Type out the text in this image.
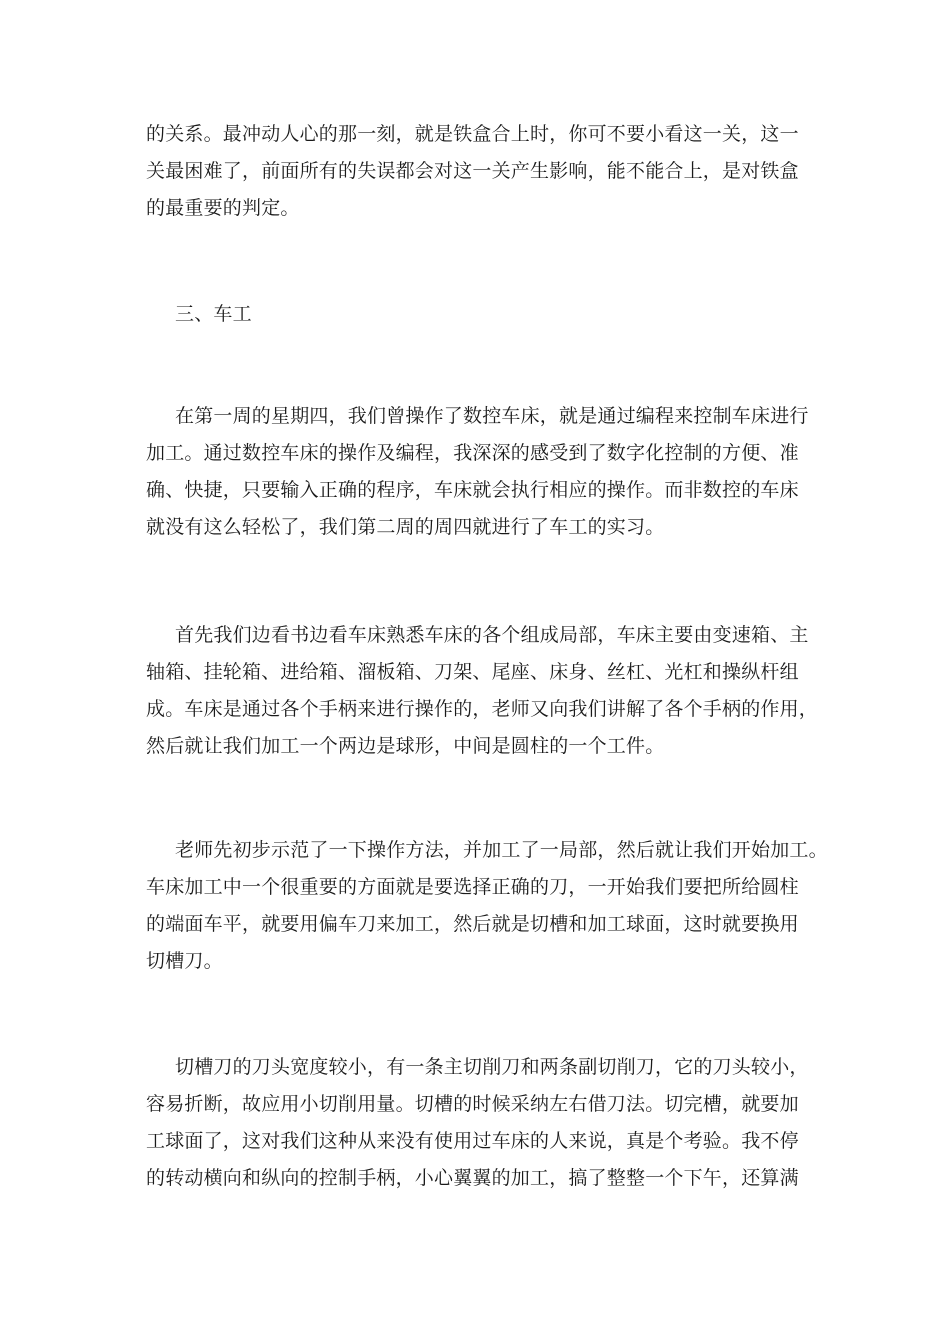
的关系。最冲动人心的那一刻，就是铁盒合上时，你可不要小看这一关，这一
关最困难了，前面所有的失误都会对这一关产生影响，能不能合上，是对铁盒
的最重要的判定。
三、车工
在第一周的星期四，我们曾操作了数控车床，就是通过编程来控制车床进行
加工。通过数控车床的操作及编程，我深深的感受到了数字化控制的方便、准
确、快捷，只要输入正确的程序，车床就会执行相应的操作。而非数控的车床
就没有这么轻松了，我们第二周的周四就进行了车工的实习。
首先我们边看书边看车床熟悉车床的各个组成局部，车床主要由变速箱、主
轴箱、挂轮箱、进给箱、溜板箱、刀架、尾座、床身、丝杠、光杠和操纵杆组
成。车床是通过各个手柄来进行操作的，老师又向我们讲解了各个手柄的作用，
然后就让我们加工一个两边是球形，中间是圆柱的一个工件。
老师先初步示范了一下操作方法，并加工了一局部，然后就让我们开始加工。
车床加工中一个很重要的方面就是要选择正确的刀，一开始我们要把所给圆柱
的端面车平，就要用偏车刀来加工，然后就是切槽和加工球面，这时就要换用
切槽刀。
切槽刀的刀头宽度较小，有一条主切削刀和两条副切削刀，它的刀头较小，
容易折断，故应用小切削用量。切槽的时候采纳左右借刀法。切完槽，就要加
工球面了，这对我们这种从来没有使用过车床的人来说，真是个考验。我不停
的转动横向和纵向的控制手柄，小心翼翼的加工，搞了整整一个下午，还算满
